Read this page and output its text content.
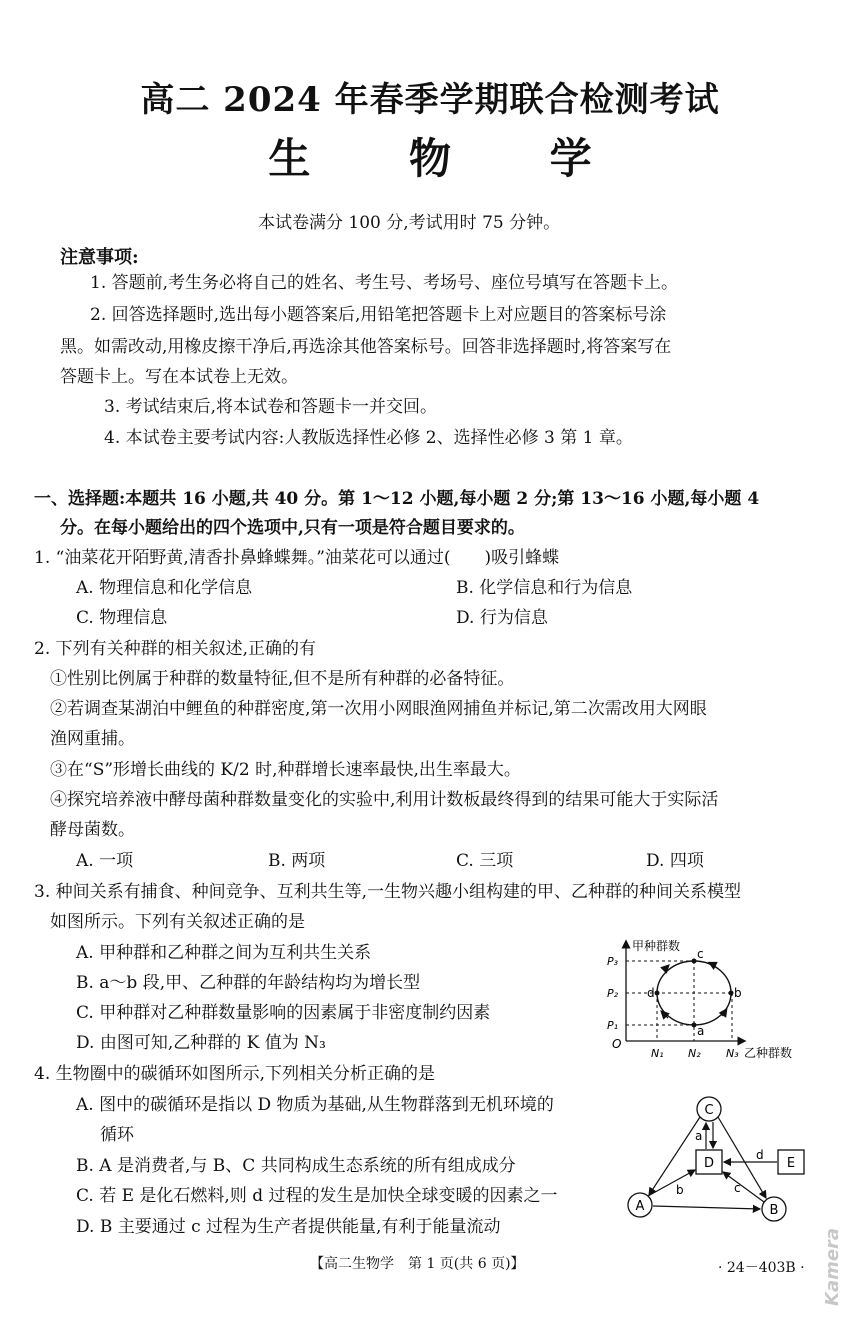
高二 2024 年春季学期联合检测考试
生 物 学
本试卷满分 100 分,考试用时 75 分钟。
注意事项:
1. 答题前,考生务必将自己的姓名、考生号、考场号、座位号填写在答题卡上。
2. 回答选择题时,选出每小题答案后,用铅笔把答题卡上对应题目的答案标号涂
黑。如需改动,用橡皮擦干净后,再选涂其他答案标号。回答非选择题时,将答案写在
答题卡上。写在本试卷上无效。
3. 考试结束后,将本试卷和答题卡一并交回。
4. 本试卷主要考试内容:人教版选择性必修 2、选择性必修 3 第 1 章。
一、选择题:本题共 16 小题,共 40 分。第 1～12 小题,每小题 2 分;第 13～16 小题,每小题 4
分。在每小题给出的四个选项中,只有一项是符合题目要求的。
1. “油菜花开陌野黄,清香扑鼻蜂蝶舞。”油菜花可以通过(　　)吸引蜂蝶
A. 物理信息和化学信息	B. 化学信息和行为信息
C. 物理信息	D. 行为信息
2. 下列有关种群的相关叙述,正确的有
①性别比例属于种群的数量特征,但不是所有种群的必备特征。
②若调查某湖泊中鲤鱼的种群密度,第一次用小网眼渔网捕鱼并标记,第二次需改用大网眼
渔网重捕。
③在“S”形增长曲线的 K/2 时,种群增长速率最快,出生率最大。
④探究培养液中酵母菌种群数量变化的实验中,利用计数板最终得到的结果可能大于实际活
酵母菌数。
A. 一项	B. 两项	C. 三项	D. 四项
3. 种间关系有捕食、种间竞争、互利共生等,一生物兴趣小组构建的甲、乙种群的种间关系模型
如图所示。下列有关叙述正确的是
A. 甲种群和乙种群之间为互利共生关系
B. a～b 段,甲、乙种群的年龄结构均为增长型
C. 甲种群对乙种群数量影响的因素属于非密度制约因素
D. 由图可知,乙种群的 K 值为 N₃
甲种群数
乙种群数
O
P₃
P₂
P₁
N₁ N₂ N₃
c
b
a
d
4. 生物圈中的碳循环如图所示,下列相关分析正确的是
A. 图中的碳循环是指以 D 物质为基础,从生物群落到无机环境的
循环
B. A 是消费者,与 B、C 共同构成生态系统的所有组成成分
C. 若 E 是化石燃料,则 d 过程的发生是加快全球变暖的因素之一
D. B 主要通过 c 过程为生产者提供能量,有利于能量流动
C
D	E
A	B
a
d
b	c
【高二生物学　第 1 页(共 6 页)】	· 24－403B · Kamera
